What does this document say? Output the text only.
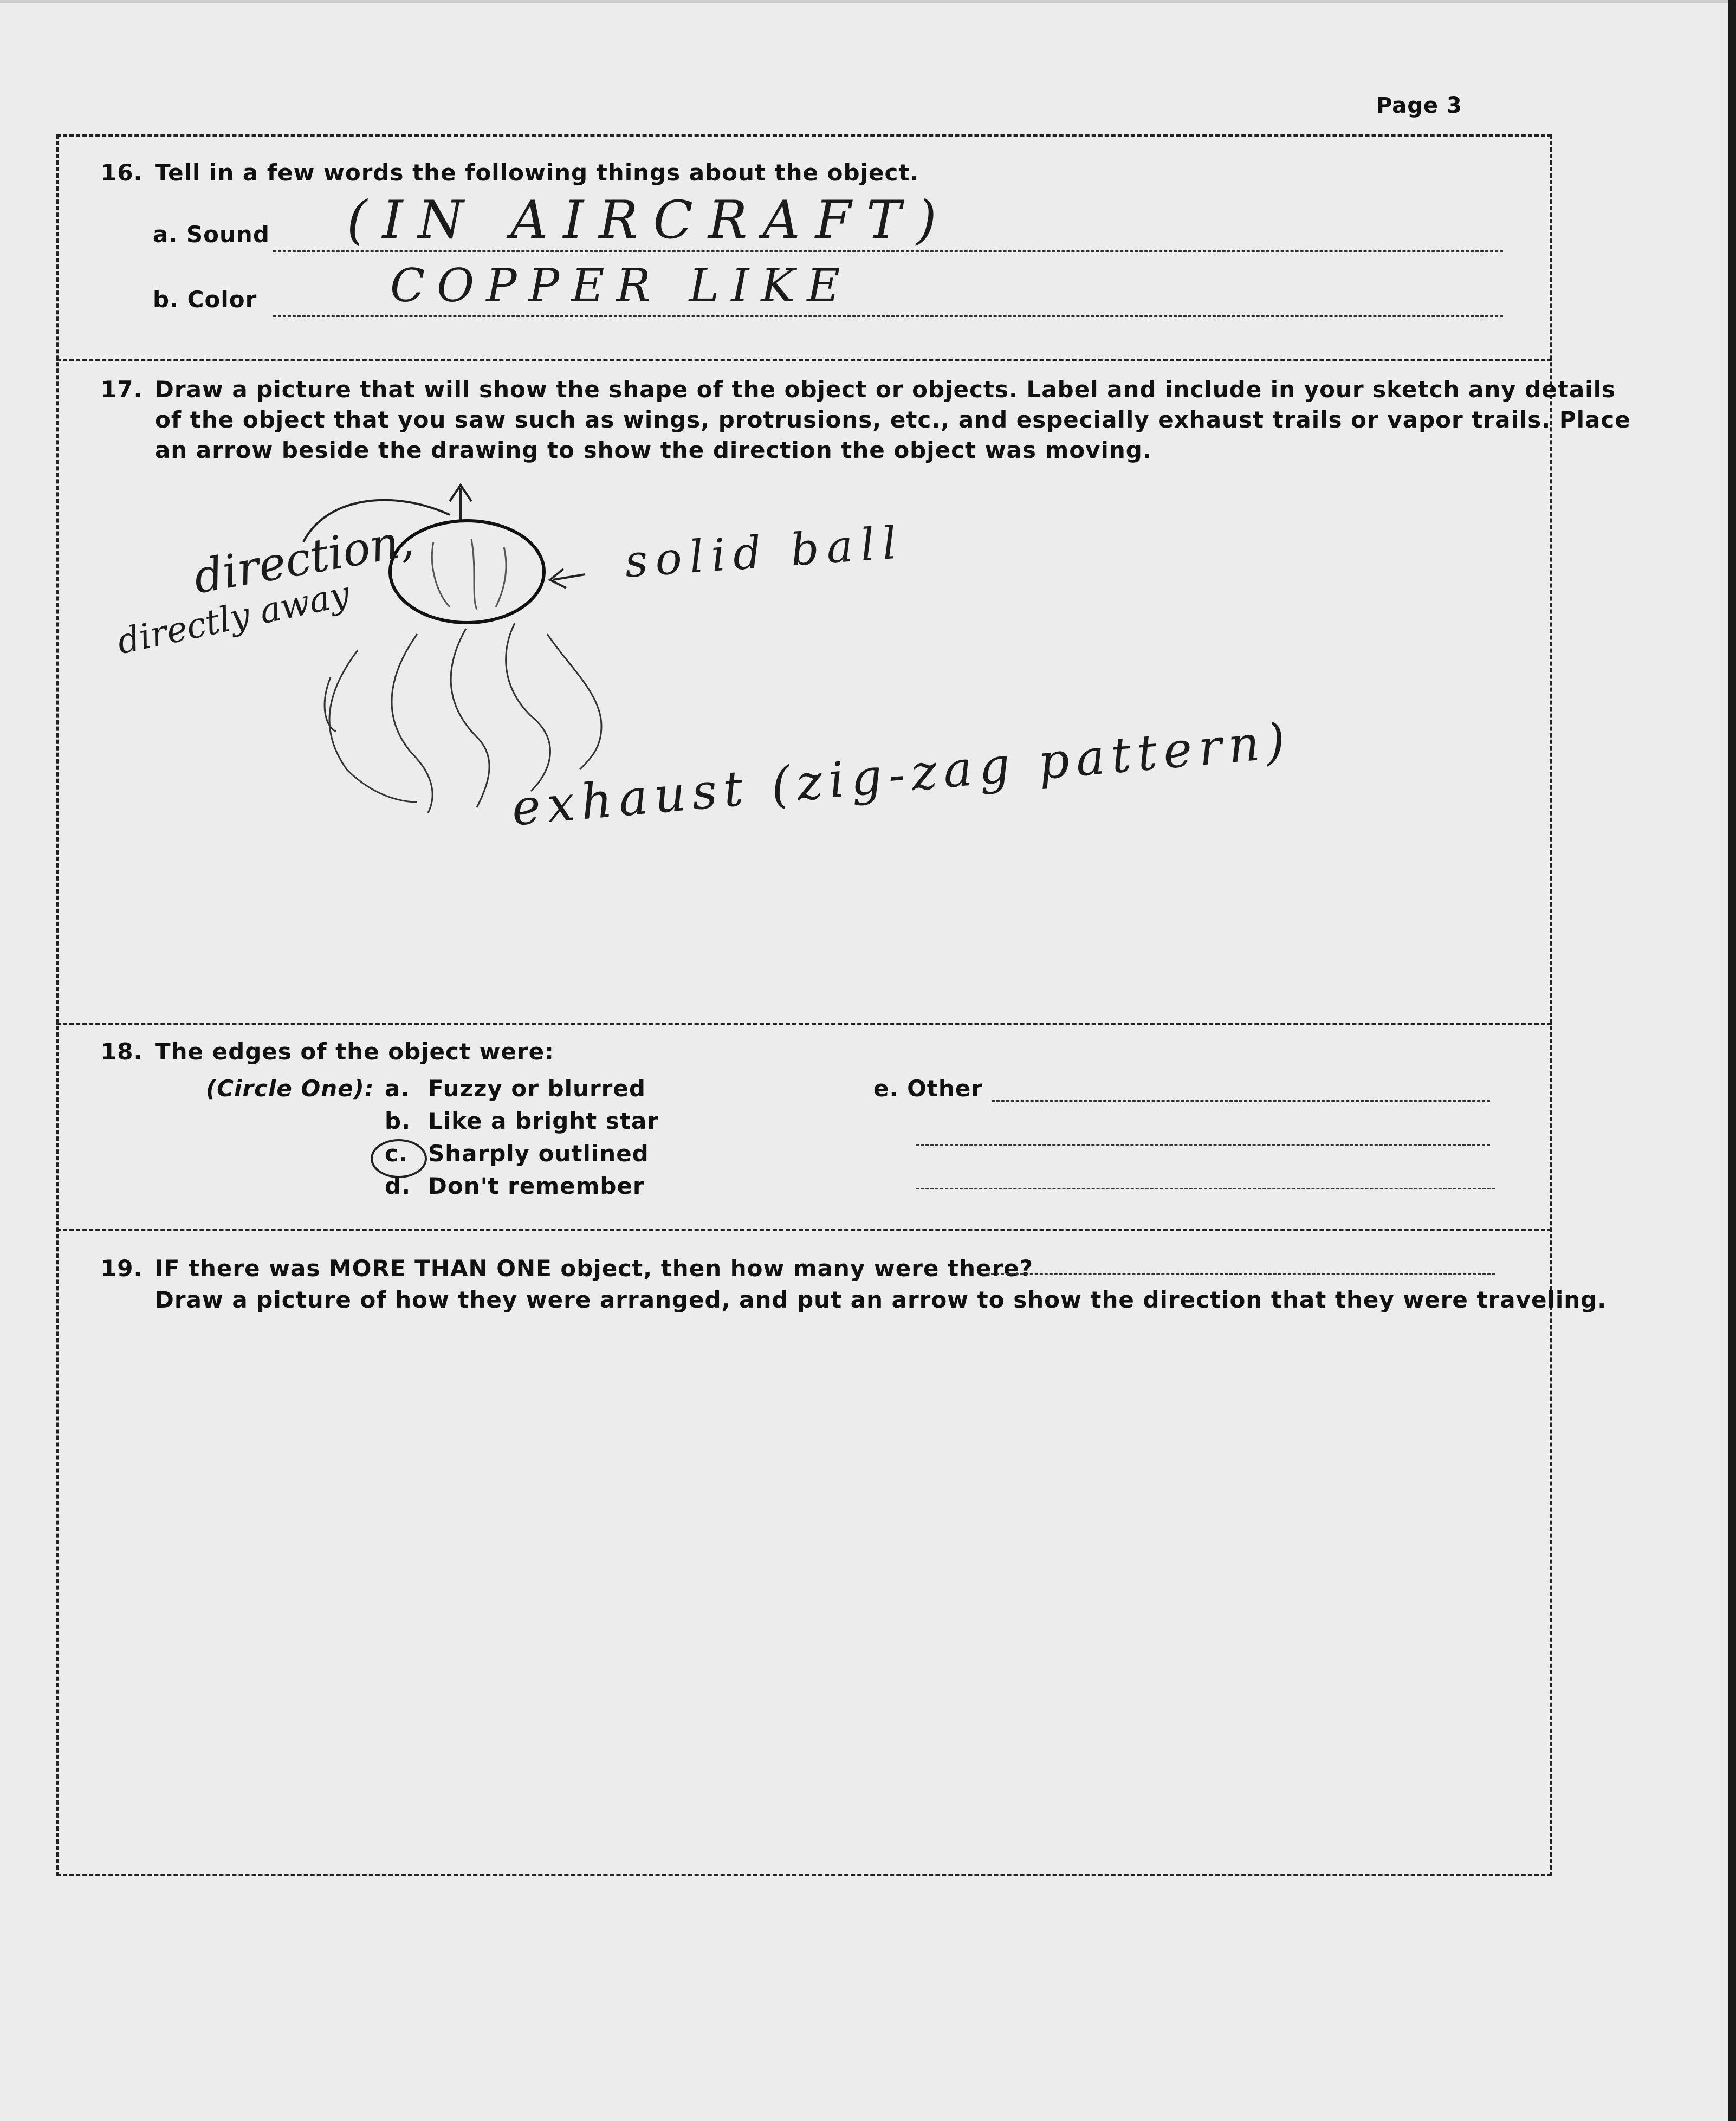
Page 3
16. Tell in a few words the following things about the object.
a. Sound (IN AIRCRAFT)
b. Color	COPPER LIKE
17. Draw a picture that will show the shape of the object or objects. Label and include in your sketch any details
of the object that you saw such as wings, protrusions, etc., and especially exhaust trails or vapor trails. Place
an arrow beside the drawing to show the direction the object was moving.
direction,
directly away
solid ball
exhaust (zig-zag pattern)
18. The edges of the object were:
(Circle One): a. Fuzzy or blurred
b. Like a bright star
c. Sharply outlined
d. Don't remember
e. Other
19. IF there was MORE THAN ONE object, then how many were there?
Draw a picture of how they were arranged, and put an arrow to show the direction that they were traveling.
